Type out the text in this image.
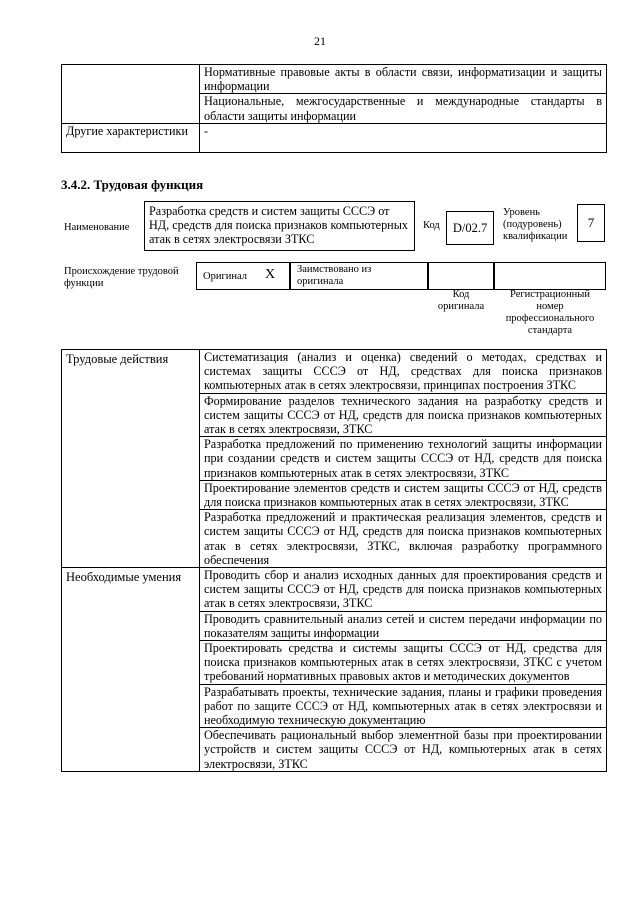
21
	Нормативные правовые акты в области связи, информатизации и защиты информации
	Национальные, межгосударственные и международные стандарты в области защиты информации
Другие характеристики	-
3.4.2. Трудовая функция
Наименование
Разработка средств и систем защиты СССЭ от НД, средств для поиска признаков компьютерных атак в сетях электросвязи ЗТКС
Код	D/02.7
Уровень (подуровень) квалификации
7
Происхождение трудовой функции
Оригинал X Заимствовано из оригинала
Код оригинала
Регистрационный номер профессионального стандарта
Трудовые действия	Систематизация (анализ и оценка) сведений о методах, средствах и системах защиты СССЭ от НД, средствах для поиска признаков компьютерных атак в сетях электросвязи, принципах построения ЗТКС
	Формирование разделов технического задания на разработку средств и систем защиты СССЭ от НД, средств для поиска признаков компьютерных атак в сетях электросвязи, ЗТКС
	Разработка предложений по применению технологий защиты информации при создании средств и систем защиты СССЭ от НД, средств для поиска признаков компьютерных атак в сетях электросвязи, ЗТКС
	Проектирование элементов средств и систем защиты СССЭ от НД, средств для поиска признаков компьютерных атак в сетях электросвязи, ЗТКС
	Разработка предложений и практическая реализация элементов, средств и систем защиты СССЭ от НД, средств для поиска признаков компьютерных атак в сетях электросвязи, ЗТКС, включая разработку программного обеспечения
Необходимые умения	Проводить сбор и анализ исходных данных для проектирования средств и систем защиты СССЭ от НД, средств для поиска признаков компьютерных атак в сетях электросвязи, ЗТКС
	Проводить сравнительный анализ сетей и систем передачи информации по показателям защиты информации
	Проектировать средства и системы защиты СССЭ от НД, средства для поиска признаков компьютерных атак в сетях электросвязи, ЗТКС с учетом требований нормативных правовых актов и методических документов
	Разрабатывать проекты, технические задания, планы и графики проведения работ по защите СССЭ от НД, компьютерных атак в сетях электросвязи и необходимую техническую документацию
	Обеспечивать рациональный выбор элементной базы при проектировании устройств и систем защиты СССЭ от НД, компьютерных атак в сетях электросвязи, ЗТКС
